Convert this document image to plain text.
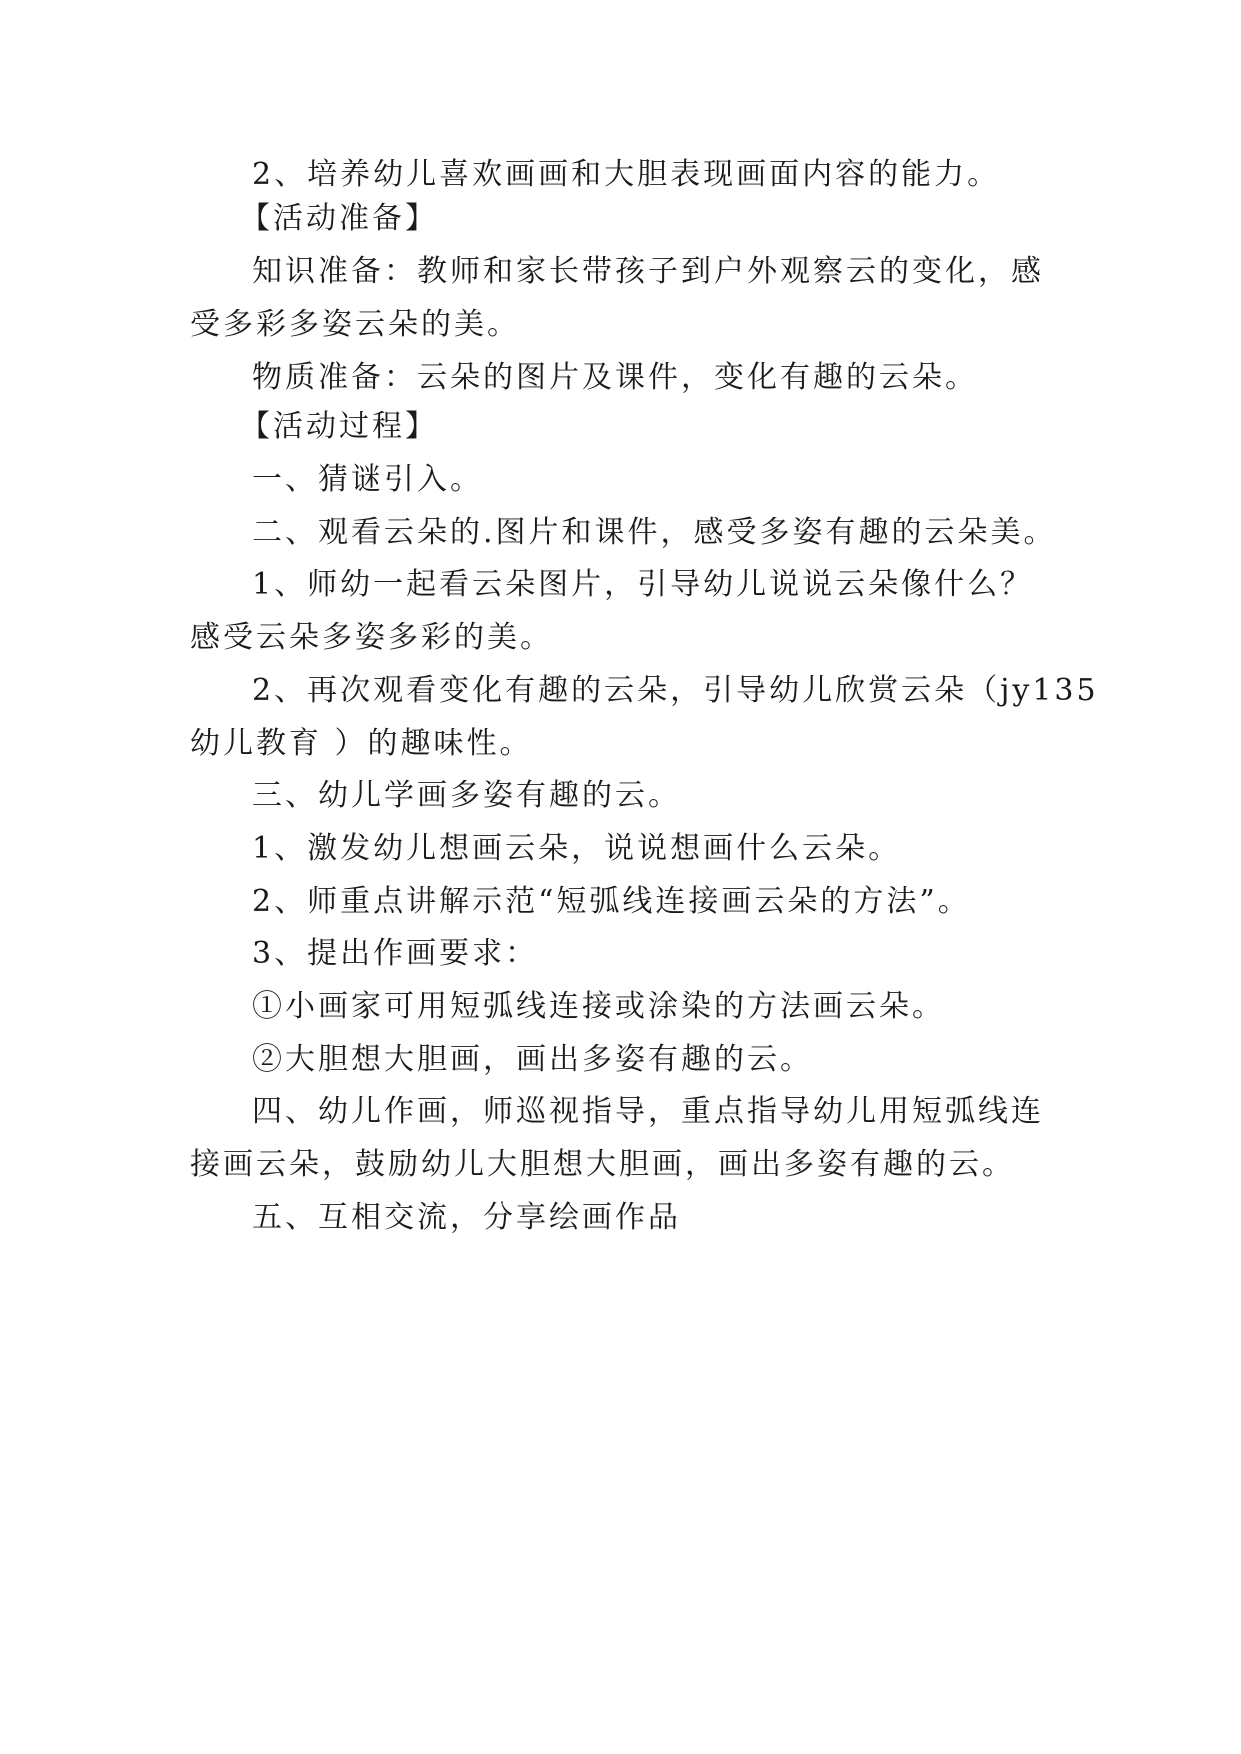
2、培养幼儿喜欢画画和大胆表现画面内容的能力。

【活动准备】

知识准备：教师和家长带孩子到户外观察云的变化，感

受多彩多姿云朵的美。

物质准备：云朵的图片及课件，变化有趣的云朵。

【活动过程】

一、猜谜引入。

二、观看云朵的.图片和课件，感受多姿有趣的云朵美。

1、师幼一起看云朵图片，引导幼儿说说云朵像什么？

感受云朵多姿多彩的美。

2、再次观看变化有趣的云朵，引导幼儿欣赏云朵（jy135

幼儿教育 ）的趣味性。

三、幼儿学画多姿有趣的云。

1、激发幼儿想画云朵，说说想画什么云朵。

2、师重点讲解示范“短弧线连接画云朵的方法”。

3、提出作画要求：

①小画家可用短弧线连接或涂染的方法画云朵。

②大胆想大胆画，画出多姿有趣的云。

四、幼儿作画，师巡视指导，重点指导幼儿用短弧线连

接画云朵，鼓励幼儿大胆想大胆画，画出多姿有趣的云。

五、互相交流，分享绘画作品
